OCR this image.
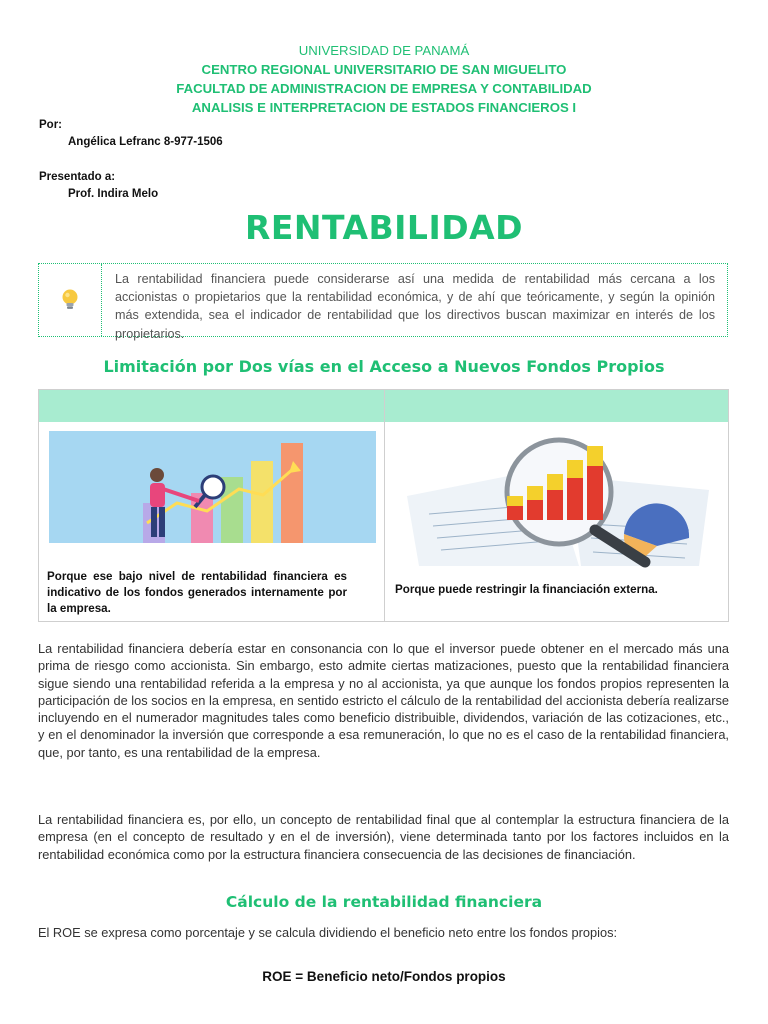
UNIVERSIDAD DE PANAMÁ
CENTRO REGIONAL UNIVERSITARIO DE SAN MIGUELITO
FACULTAD DE ADMINISTRACION DE EMPRESA Y CONTABILIDAD
ANALISIS E INTERPRETACION DE ESTADOS FINANCIEROS I
Por:
Angélica Lefranc 8-977-1506
Presentado a:
Prof. Indira Melo
RENTABILIDAD
La rentabilidad financiera puede considerarse así una medida de rentabilidad más cercana a los accionistas o propietarios que la rentabilidad económica, y de ahí que teóricamente, y según la opinión más extendida, sea el indicador de rentabilidad que los directivos buscan maximizar en interés de los propietarios.
Limitación por Dos vías en el Acceso a Nuevos Fondos Propios
Porque ese bajo nivel de rentabilidad financiera es indicativo de los fondos generados internamente por la empresa.
Porque puede restringir la financiación externa.
La rentabilidad financiera debería estar en consonancia con lo que el inversor puede obtener en el mercado más una prima de riesgo como accionista. Sin embargo, esto admite ciertas matizaciones, puesto que la rentabilidad financiera sigue siendo una rentabilidad referida a la empresa y no al accionista, ya que aunque los fondos propios representen la participación de los socios en la empresa, en sentido estricto el cálculo de la rentabilidad del accionista debería realizarse incluyendo en el numerador magnitudes tales como beneficio distribuible, dividendos, variación de las cotizaciones, etc., y en el denominador la inversión que corresponde a esa remuneración, lo que no es el caso de la rentabilidad financiera, que, por tanto, es una rentabilidad de la empresa.
La rentabilidad financiera es, por ello, un concepto de rentabilidad final que al contemplar la estructura financiera de la empresa (en el concepto de resultado y en el de inversión), viene determinada tanto por los factores incluidos en la rentabilidad económica como por la estructura financiera consecuencia de las decisiones de financiación.
Cálculo de la rentabilidad financiera
El ROE se expresa como porcentaje y se calcula dividiendo el beneficio neto entre los fondos propios:
ROE = Beneficio neto/Fondos propios
